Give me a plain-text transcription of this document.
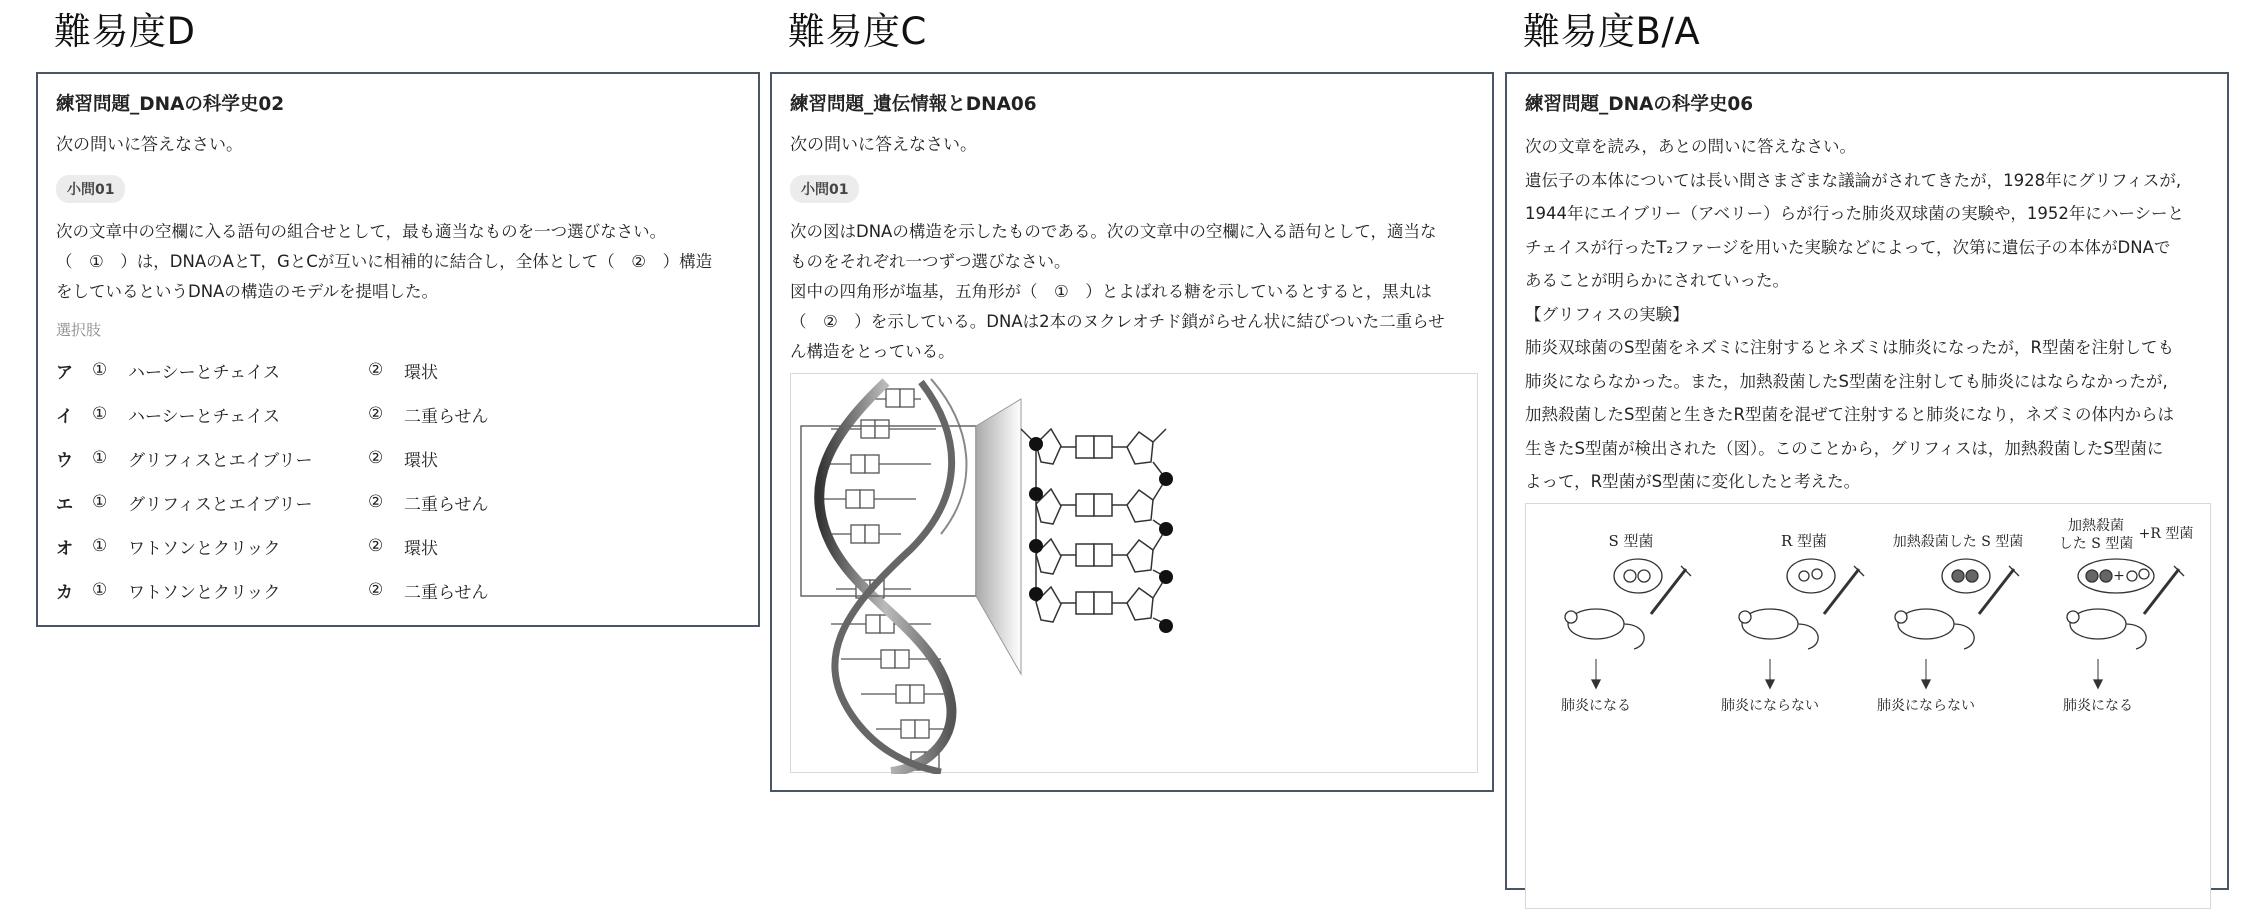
難易度D
練習問題_DNAの科学史02
次の問いに答えなさい。
小問01
次の文章中の空欄に入る語句の組合せとして，最も適当なものを一つ選びなさい。
（　①　）は，DNAのAとT，GとCが互いに相補的に結合し，全体として（　②　）構造
をしているというDNAの構造のモデルを提唱した。
選択肢
ア	①	ハーシーとチェイス	②	環状
イ	①	ハーシーとチェイス	②	二重らせん
ウ	①	グリフィスとエイブリー	②	環状
エ	①	グリフィスとエイブリー	②	二重らせん
オ	①	ワトソンとクリック	②	環状
カ	①	ワトソンとクリック	②	二重らせん
難易度C
練習問題_遺伝情報とDNA06
次の問いに答えなさい。
小問01
次の図はDNAの構造を示したものである。次の文章中の空欄に入る語句として，適当な
ものをそれぞれ一つずつ選びなさい。
図中の四角形が塩基，五角形が（　①　）とよばれる糖を示しているとすると，黒丸は
（　②　）を示している。DNAは2本のヌクレオチド鎖がらせん状に結びついた二重らせ
ん構造をとっている。
難易度B/A
練習問題_DNAの科学史06
次の文章を読み，あとの問いに答えなさい。
遺伝子の本体については長い間さまざまな議論がされてきたが，1928年にグリフィスが,
1944年にエイブリー（アベリー）らが行った肺炎双球菌の実験や，1952年にハーシーと
チェイスが行ったT₂ファージを用いた実験などによって，次第に遺伝子の本体がDNAで
あることが明らかにされていった。
【グリフィスの実験】
肺炎双球菌のS型菌をネズミに注射するとネズミは肺炎になったが，R型菌を注射しても
肺炎にならなかった。また，加熱殺菌したS型菌を注射しても肺炎にはならなかったが,
加熱殺菌したS型菌と生きたR型菌を混ぜて注射すると肺炎になり，ネズミの体内からは
生きたS型菌が検出された（図）。このことから，グリフィスは，加熱殺菌したS型菌に
よって，R型菌がS型菌に変化したと考えた。
S 型菌	R 型菌	加熱殺菌した S 型菌
加熱殺菌
した S 型菌
+R 型菌
肺炎になる	肺炎にならない	肺炎にならない
+
肺炎になる
